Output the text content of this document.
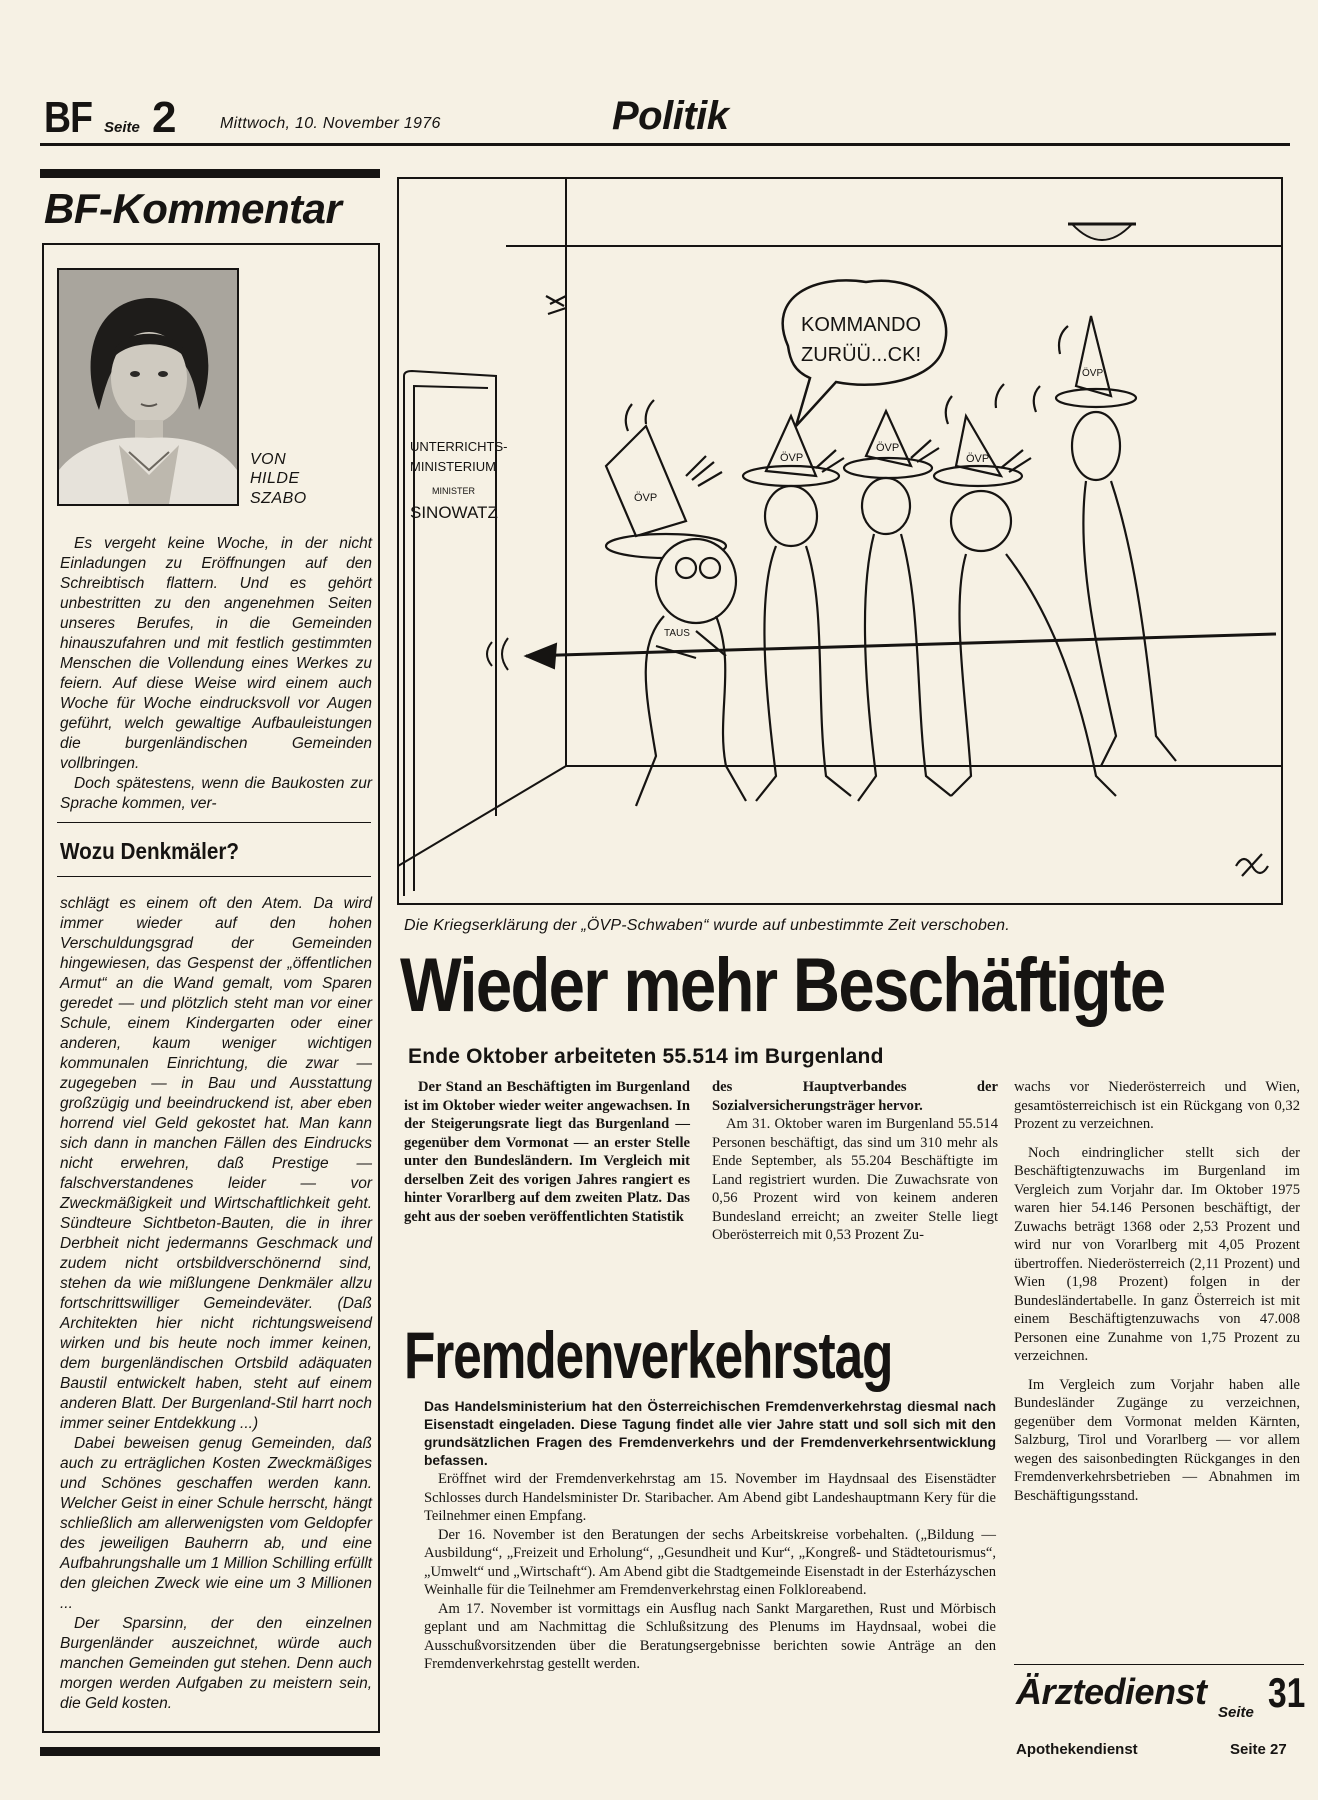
BF Seite 2	Mittwoch, 10. November 1976	Politik
BF-Kommentar
VON
HILDE
SZABO

Es vergeht keine Woche, in der nicht Einladungen zu Eröffnungen auf den Schreibtisch flattern. Und es gehört unbestritten zu den angenehmen Seiten unseres Berufes, in die Gemeinden hinauszufahren und mit festlich gestimmten Menschen die Vollendung eines Werkes zu feiern. Auf diese Weise wird einem auch Woche für Woche eindrucksvoll vor Augen geführt, welch gewaltige Aufbauleistungen die burgenländischen Gemeinden vollbringen.

Doch spätestens, wenn die Baukosten zur Sprache kommen, ver-

Wozu Denkmäler?

schlägt es einem oft den Atem. Da wird immer wieder auf den hohen Verschuldungsgrad der Gemeinden hingewiesen, das Gespenst der „öffentlichen Armut“ an die Wand gemalt, vom Sparen geredet — und plötzlich steht man vor einer Schule, einem Kindergarten oder einer anderen, kaum weniger wichtigen kommunalen Einrichtung, die zwar — zugegeben — in Bau und Ausstattung großzügig und beeindruckend ist, aber eben horrend viel Geld gekostet hat. Man kann sich dann in manchen Fällen des Eindrucks nicht erwehren, daß Prestige — falschverstandenes leider — vor Zweckmäßigkeit und Wirtschaftlichkeit geht. Sündteure Sichtbeton-Bauten, die in ihrer Derbheit nicht jedermanns Geschmack und zudem nicht ortsbildverschönernd sind, stehen da wie mißlungene Denkmäler allzu fortschrittswilliger Gemeindeväter. (Daß Architekten hier nicht richtungsweisend wirken und bis heute noch immer keinen, dem burgenländischen Ortsbild adäquaten Baustil entwickelt haben, steht auf einem anderen Blatt. Der Burgenland-Stil harrt noch immer seiner Entdekkung ...)

Dabei beweisen genug Gemeinden, daß auch zu erträglichen Kosten Zweckmäßiges und Schönes geschaffen werden kann. Welcher Geist in einer Schule herrscht, hängt schließlich am allerwenigsten vom Geldopfer des jeweiligen Bauherrn ab, und eine Aufbahrungshalle um 1 Million Schilling erfüllt den gleichen Zweck wie eine um 3 Millionen ...

Der Sparsinn, der den einzelnen Burgenländer auszeichnet, würde auch manchen Gemeinden gut stehen. Denn auch morgen werden Aufgaben zu meistern sein, die Geld kosten.

KOMMANDO
ZURÜÜ...CK!
UNTERRICHTS-
MINISTERIUM
MINISTER
SINOWATZ
ÖVP
ÖVP
ÖVP
ÖVP
ÖVP
TAUS
Die Kriegserklärung der „ÖVP-Schwaben“ wurde auf unbestimmte Zeit verschoben.
Wieder mehr Beschäftigte
Ende Oktober arbeiteten 55.514 im Burgenland

Der Stand an Beschäftigten im Burgenland ist im Oktober wieder weiter angewachsen. In der Steigerungsrate liegt das Burgenland — gegenüber dem Vormonat — an erster Stelle unter den Bundesländern. Im Vergleich mit derselben Zeit des vorigen Jahres rangiert es hinter Vorarlberg auf dem zweiten Platz. Das geht aus der soeben veröffentlichten Statistik

des Hauptverbandes der Sozialversicherungsträger hervor.

Am 31. Oktober waren im Burgenland 55.514 Personen beschäftigt, das sind um 310 mehr als Ende September, als 55.204 Beschäftigte im Land registriert wurden. Die Zuwachsrate von 0,56 Prozent wird von keinem anderen Bundesland erreicht; an zweiter Stelle liegt Oberösterreich mit 0,53 Prozent Zu-

wachs vor Niederösterreich und Wien, gesamtösterreichisch ist ein Rückgang von 0,32 Prozent zu verzeichnen.

Noch eindringlicher stellt sich der Beschäftigtenzuwachs im Burgenland im Vergleich zum Vorjahr dar. Im Oktober 1975 waren hier 54.146 Personen beschäftigt, der Zuwachs beträgt 1368 oder 2,53 Prozent und wird nur von Vorarlberg mit 4,05 Prozent übertroffen. Niederösterreich (2,11 Prozent) und Wien (1,98 Prozent) folgen in der Bundesländertabelle. In ganz Österreich ist mit einem Beschäftigtenzuwachs von 47.008 Personen eine Zunahme von 1,75 Prozent zu verzeichnen.

Im Vergleich zum Vorjahr haben alle Bundesländer Zugänge zu verzeichnen, gegenüber dem Vormonat melden Kärnten, Salzburg, Tirol und Vorarlberg — vor allem wegen des saisonbedingten Rückganges in den Fremdenverkehrsbetrieben — Abnahmen im Beschäftigungsstand.

Fremdenverkehrstag

Das Handelsministerium hat den Österreichischen Fremdenverkehrstag diesmal nach Eisenstadt eingeladen. Diese Tagung findet alle vier Jahre statt und soll sich mit den grundsätzlichen Fragen des Fremdenverkehrs und der Fremdenverkehrsentwicklung befassen.

Eröffnet wird der Fremdenverkehrstag am 15. November im Haydnsaal des Eisenstädter Schlosses durch Handelsminister Dr. Staribacher. Am Abend gibt Landeshauptmann Kery für die Teilnehmer einen Empfang.

Der 16. November ist den Beratungen der sechs Arbeitskreise vorbehalten. („Bildung — Ausbildung“, „Freizeit und Erholung“, „Gesundheit und Kur“, „Kongreß- und Städtetourismus“, „Umwelt“ und „Wirtschaft“). Am Abend gibt die Stadtgemeinde Eisenstadt in der Esterházyschen Weinhalle für die Teilnehmer am Fremdenverkehrstag einen Folkloreabend.

Am 17. November ist vormittags ein Ausflug nach Sankt Margarethen, Rust und Mörbisch geplant und am Nachmittag die Schlußsitzung des Plenums im Haydnsaal, wobei die Ausschußvorsitzenden über die Beratungsergebnisse berichten sowie Anträge an den Fremdenverkehrstag gestellt werden.

Ärztedienst
Seite 31
Apothekendienst	Seite 27
